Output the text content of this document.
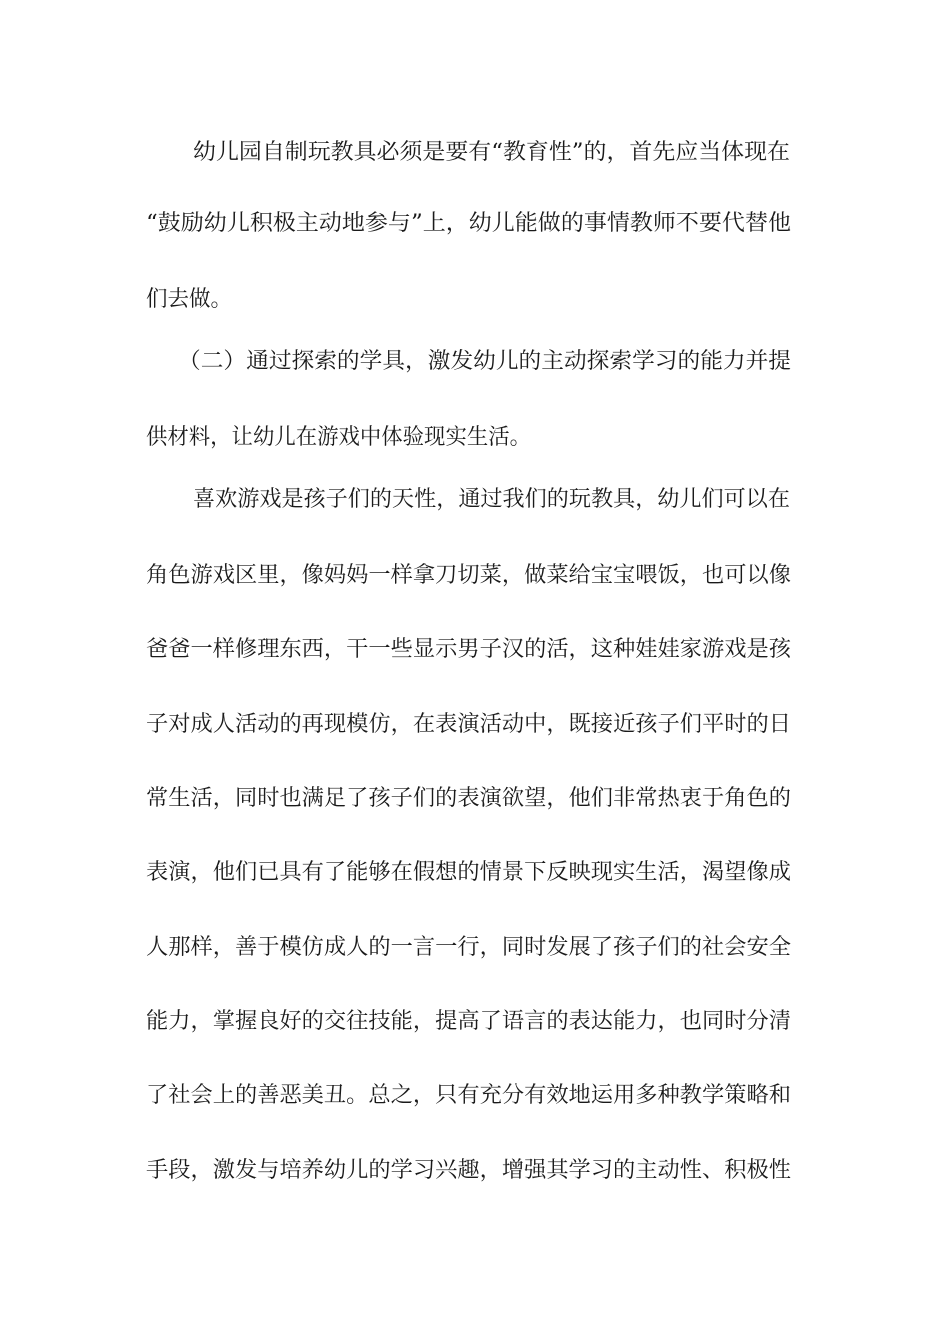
幼儿园自制玩教具必须是要有“教育性”的，首先应当体现在
“鼓励幼儿积极主动地参与”上，幼儿能做的事情教师不要代替他
们去做。
（二）通过探索的学具，激发幼儿的主动探索学习的能力并提
供材料，让幼儿在游戏中体验现实生活。
喜欢游戏是孩子们的天性，通过我们的玩教具，幼儿们可以在
角色游戏区里，像妈妈一样拿刀切菜，做菜给宝宝喂饭，也可以像
爸爸一样修理东西，干一些显示男子汉的活，这种娃娃家游戏是孩
子对成人活动的再现模仿，在表演活动中，既接近孩子们平时的日
常生活，同时也满足了孩子们的表演欲望，他们非常热衷于角色的
表演，他们已具有了能够在假想的情景下反映现实生活，渴望像成
人那样，善于模仿成人的一言一行，同时发展了孩子们的社会安全
能力，掌握良好的交往技能，提高了语言的表达能力，也同时分清
了社会上的善恶美丑。总之，只有充分有效地运用多种教学策略和
手段，激发与培养幼儿的学习兴趣，增强其学习的主动性、积极性
